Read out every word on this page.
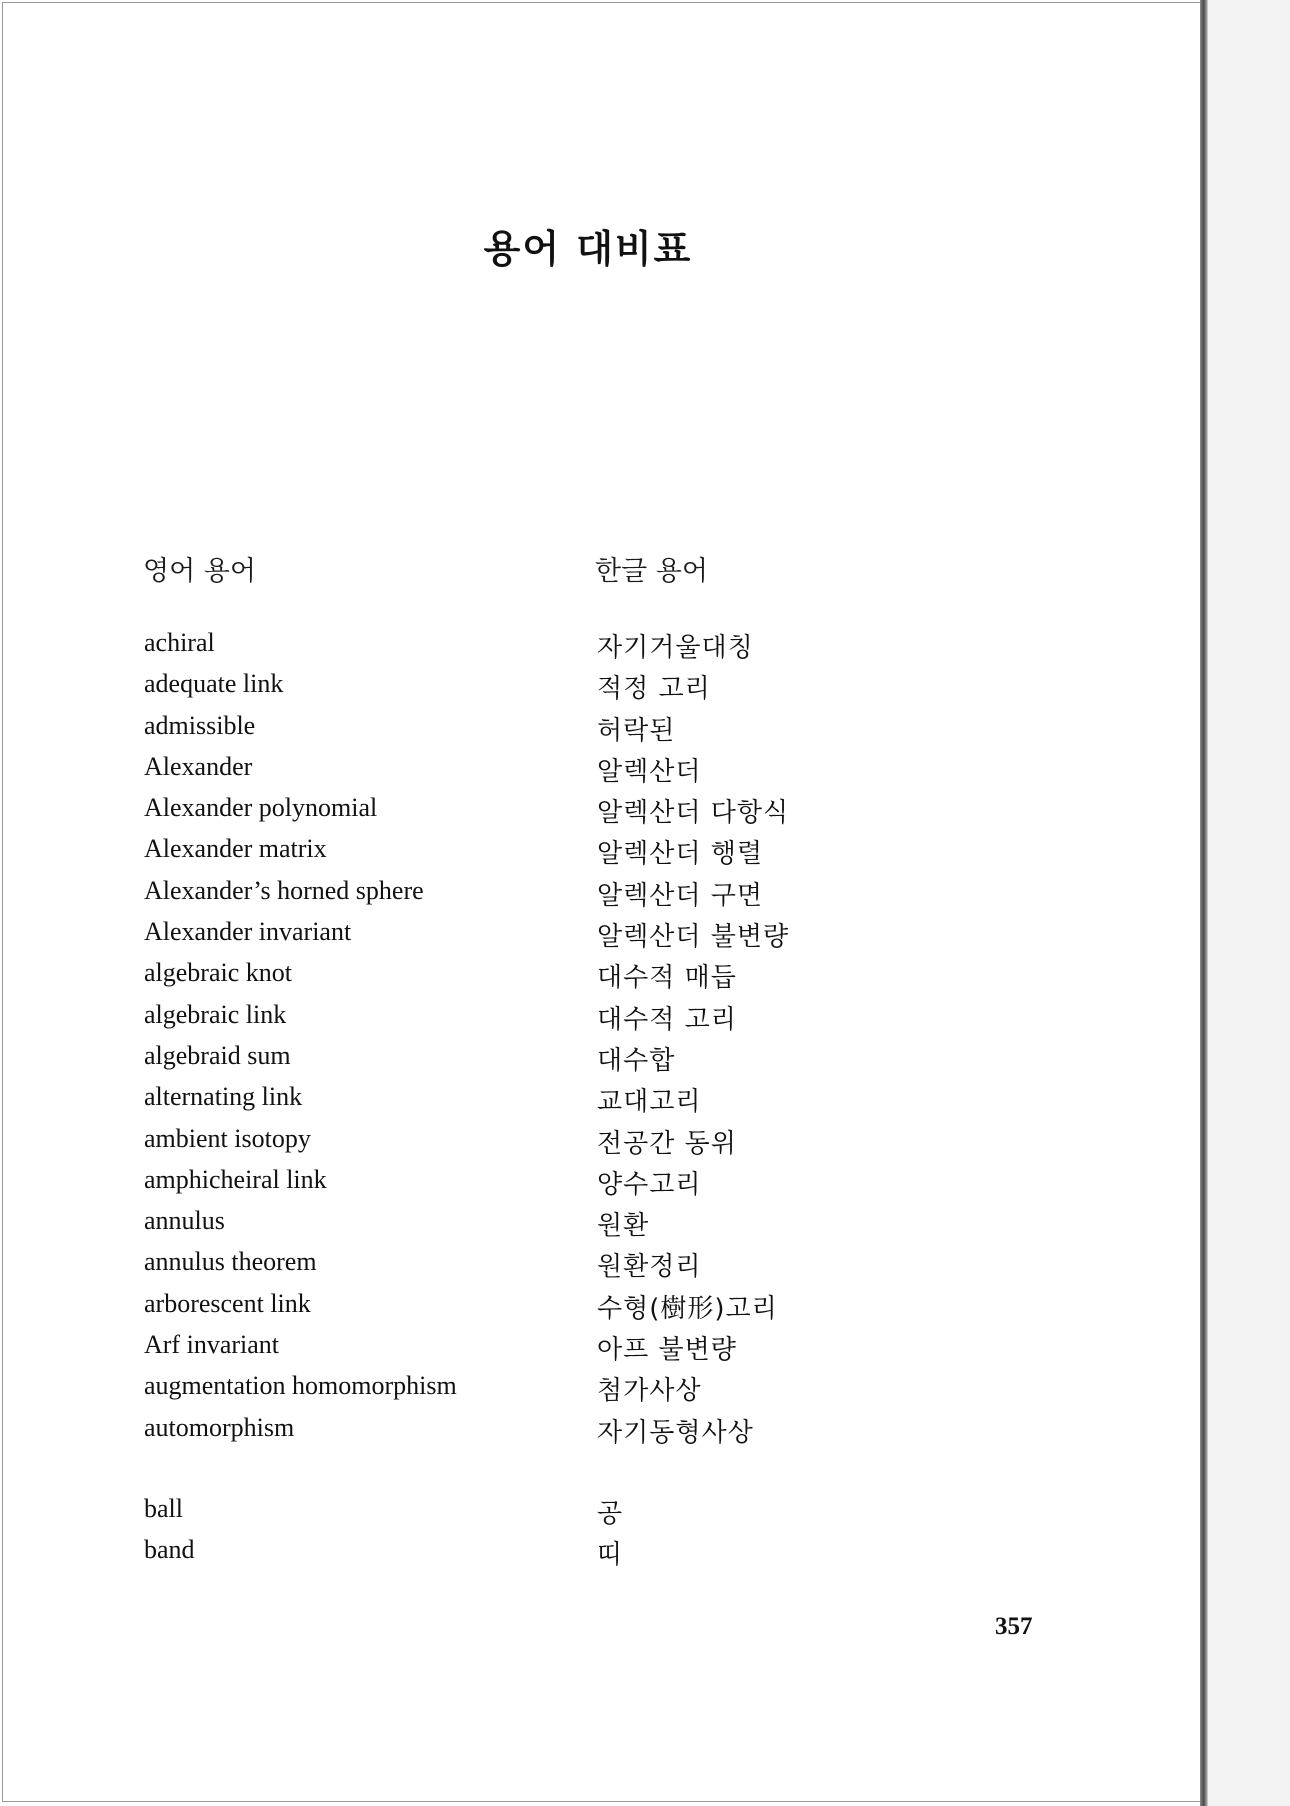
용어 대비표
영어 용어	한글 용어
achiral	자기거울대칭
adequate link	적정 고리
admissible	허락된
Alexander	알렉산더
Alexander polynomial	알렉산더 다항식
Alexander matrix	알렉산더 행렬
Alexander’s horned sphere	알렉산더 구면
Alexander invariant	알렉산더 불변량
algebraic knot	대수적 매듭
algebraic link	대수적 고리
algebraid sum	대수합
alternating link	교대고리
ambient isotopy	전공간 동위
amphicheiral link	양수고리
annulus	원환
annulus theorem	원환정리
arborescent link	수형(樹形)고리
Arf invariant	아프 불변량
augmentation homomorphism	첨가사상
automorphism	자기동형사상
ball	공
band	띠
357
